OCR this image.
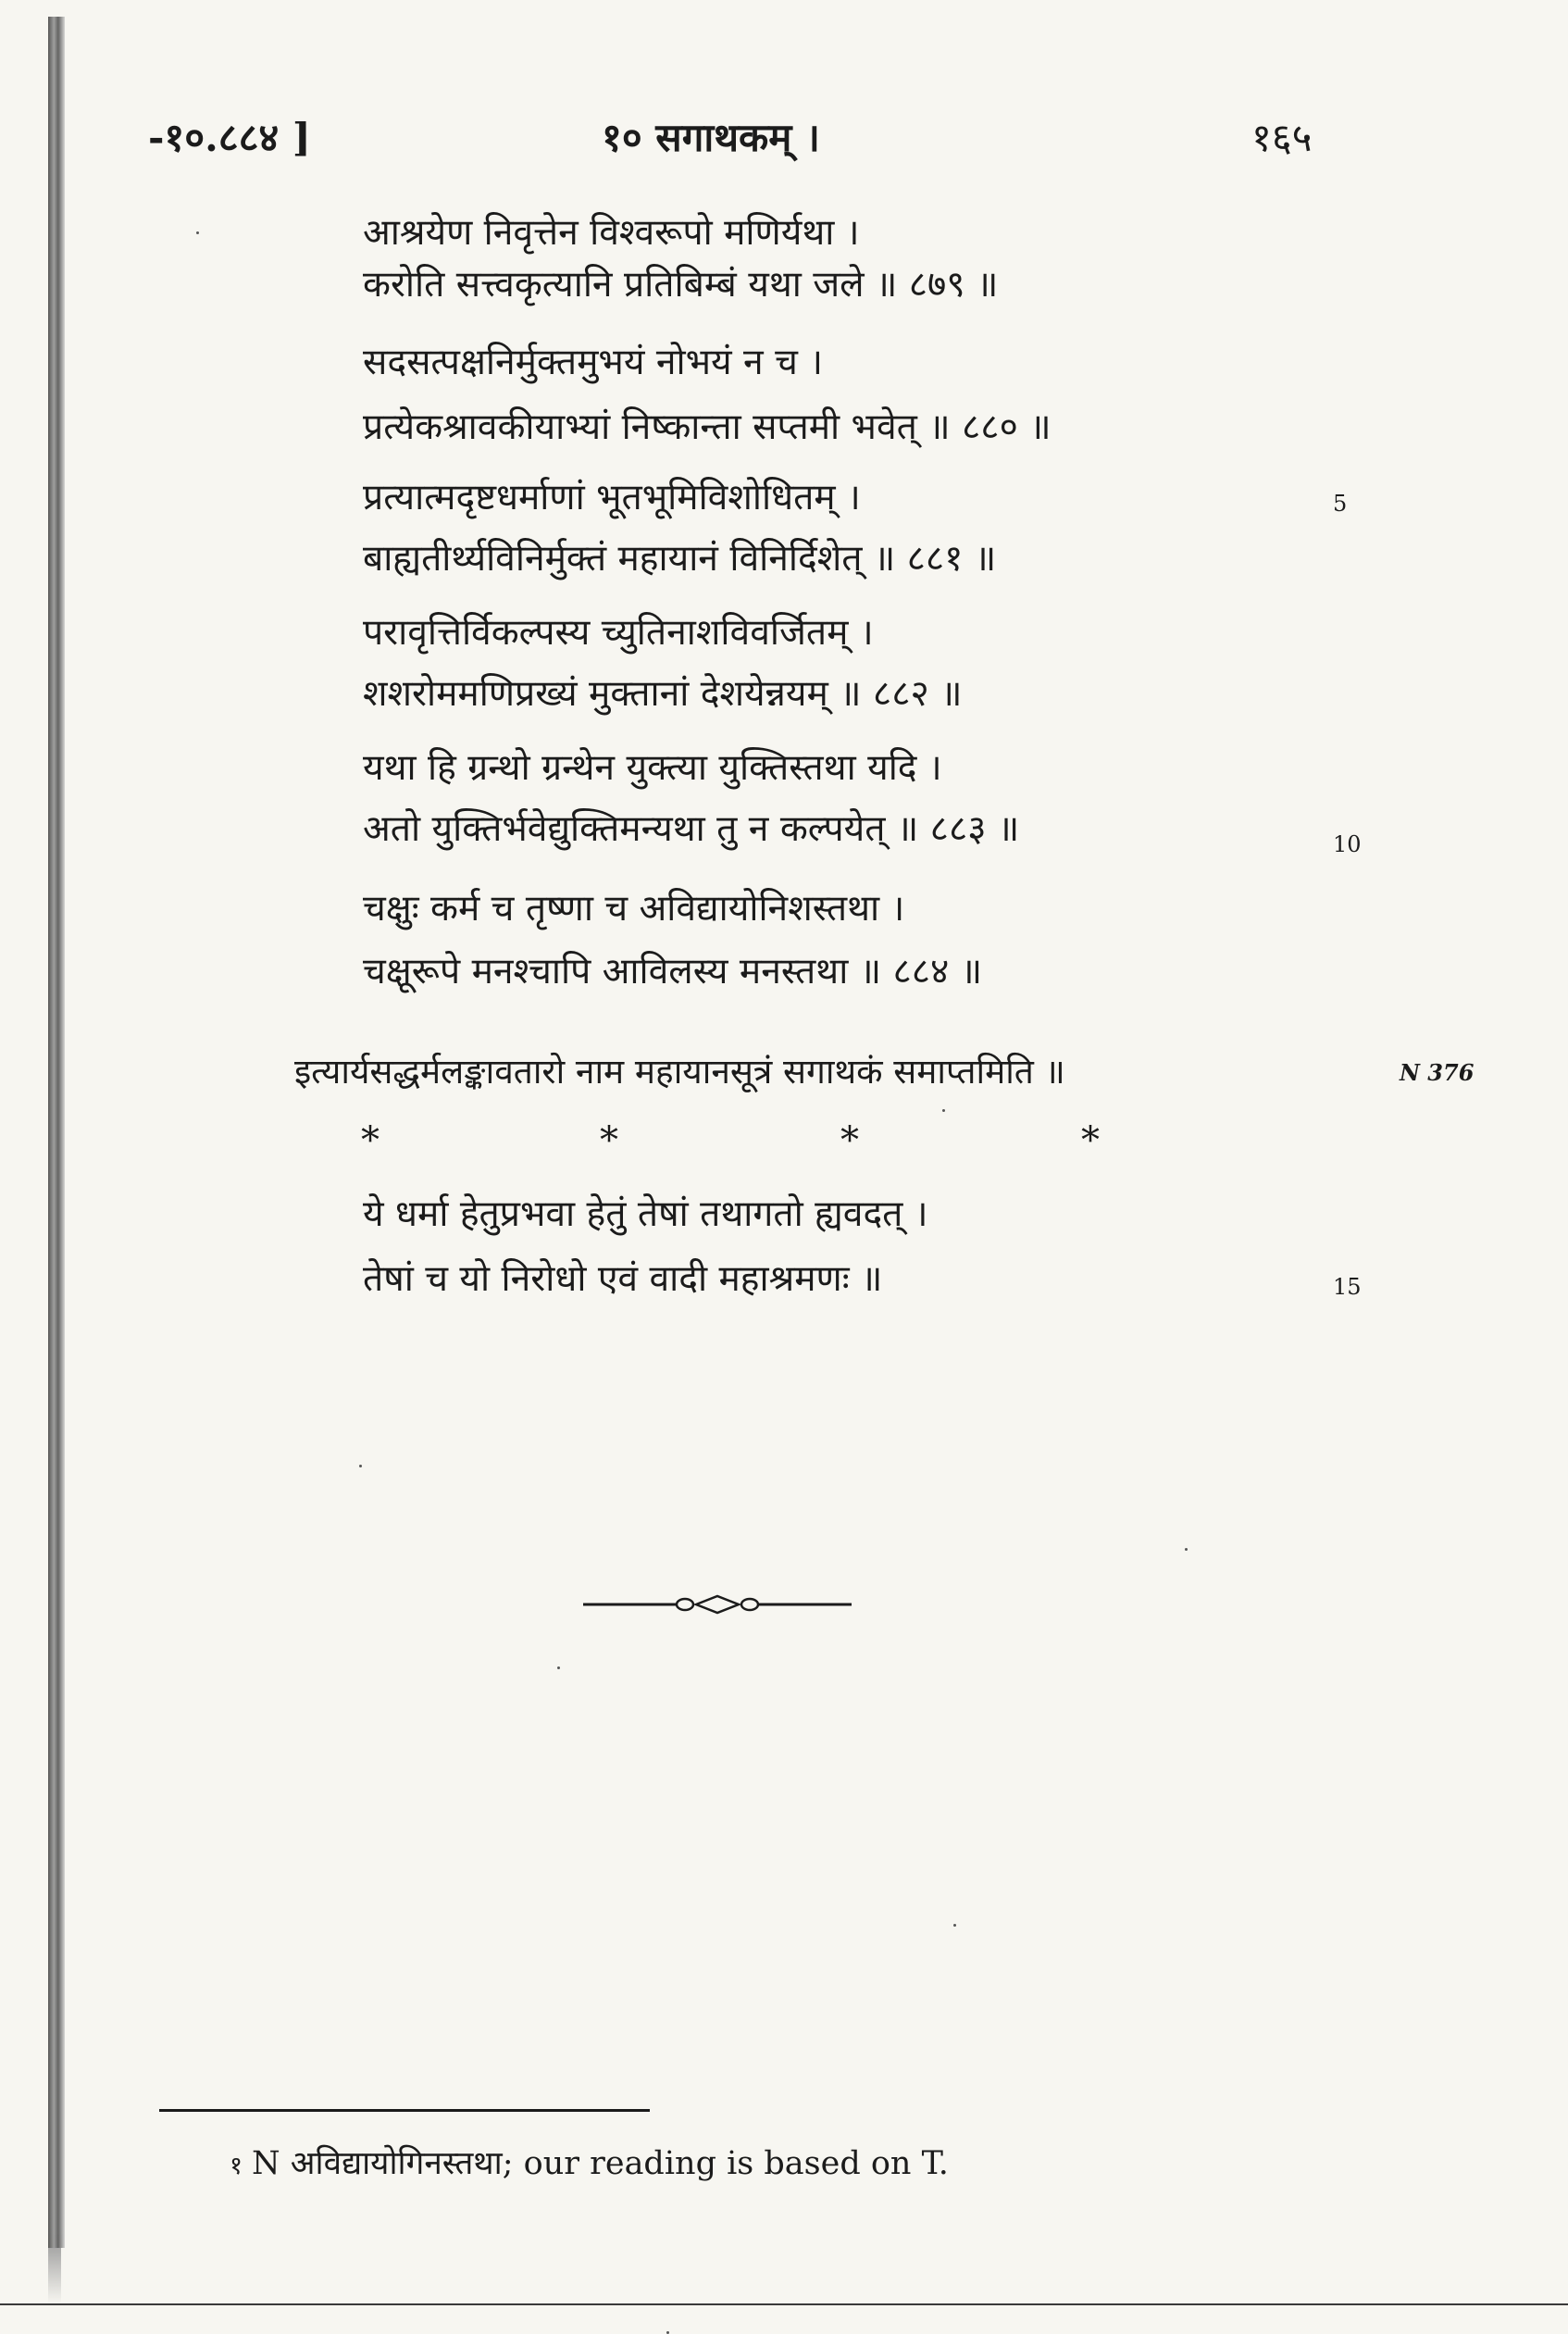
-१०.८८४ ]	१० सगाथकम् ।	१६५
आश्रयेण निवृत्तेन विश्वरूपो मणिर्यथा ।
करोति सत्त्वकृत्यानि प्रतिबिम्बं यथा जले ॥ ८७९ ॥
सदसत्पक्षनिर्मुक्तमुभयं नोभयं न च ।
प्रत्येकश्रावकीयाभ्यां निष्कान्ता सप्तमी भवेत् ॥ ८८० ॥
प्रत्यात्मदृष्टधर्माणां भूतभूमिविशोधितम् ।
बाह्यतीर्थ्यविनिर्मुक्तं महायानं विनिर्दिशेत् ॥ ८८१ ॥
5
परावृत्तिर्विकल्पस्य च्युतिनाशविवर्जितम् ।
शशरोममणिप्रख्यं मुक्तानां देशयेन्नयम् ॥ ८८२ ॥
यथा हि ग्रन्थो ग्रन्थेन युक्त्या युक्तिस्तथा यदि ।
अतो युक्तिर्भवेद्युक्तिमन्यथा तु न कल्पयेत् ॥ ८८३ ॥	10
चक्षुः कर्म च तृष्णा च अविद्यायोनिशस्तथा ।
चक्षूरूपे मनश्चापि आविलस्य मनस्तथा ॥ ८८४ ॥
इत्यार्यसद्धर्मलङ्कावतारो नाम महायानसूत्रं सगाथकं समाप्तमिति ॥	N 376
*	*	*	*
ये धर्मा हेतुप्रभवा हेतुं तेषां तथागतो ह्यवदत् ।
तेषां च यो निरोधो एवं वादी महाश्रमणः ॥	15
१ N अविद्यायोगिनस्तथा; our reading is based on T.
